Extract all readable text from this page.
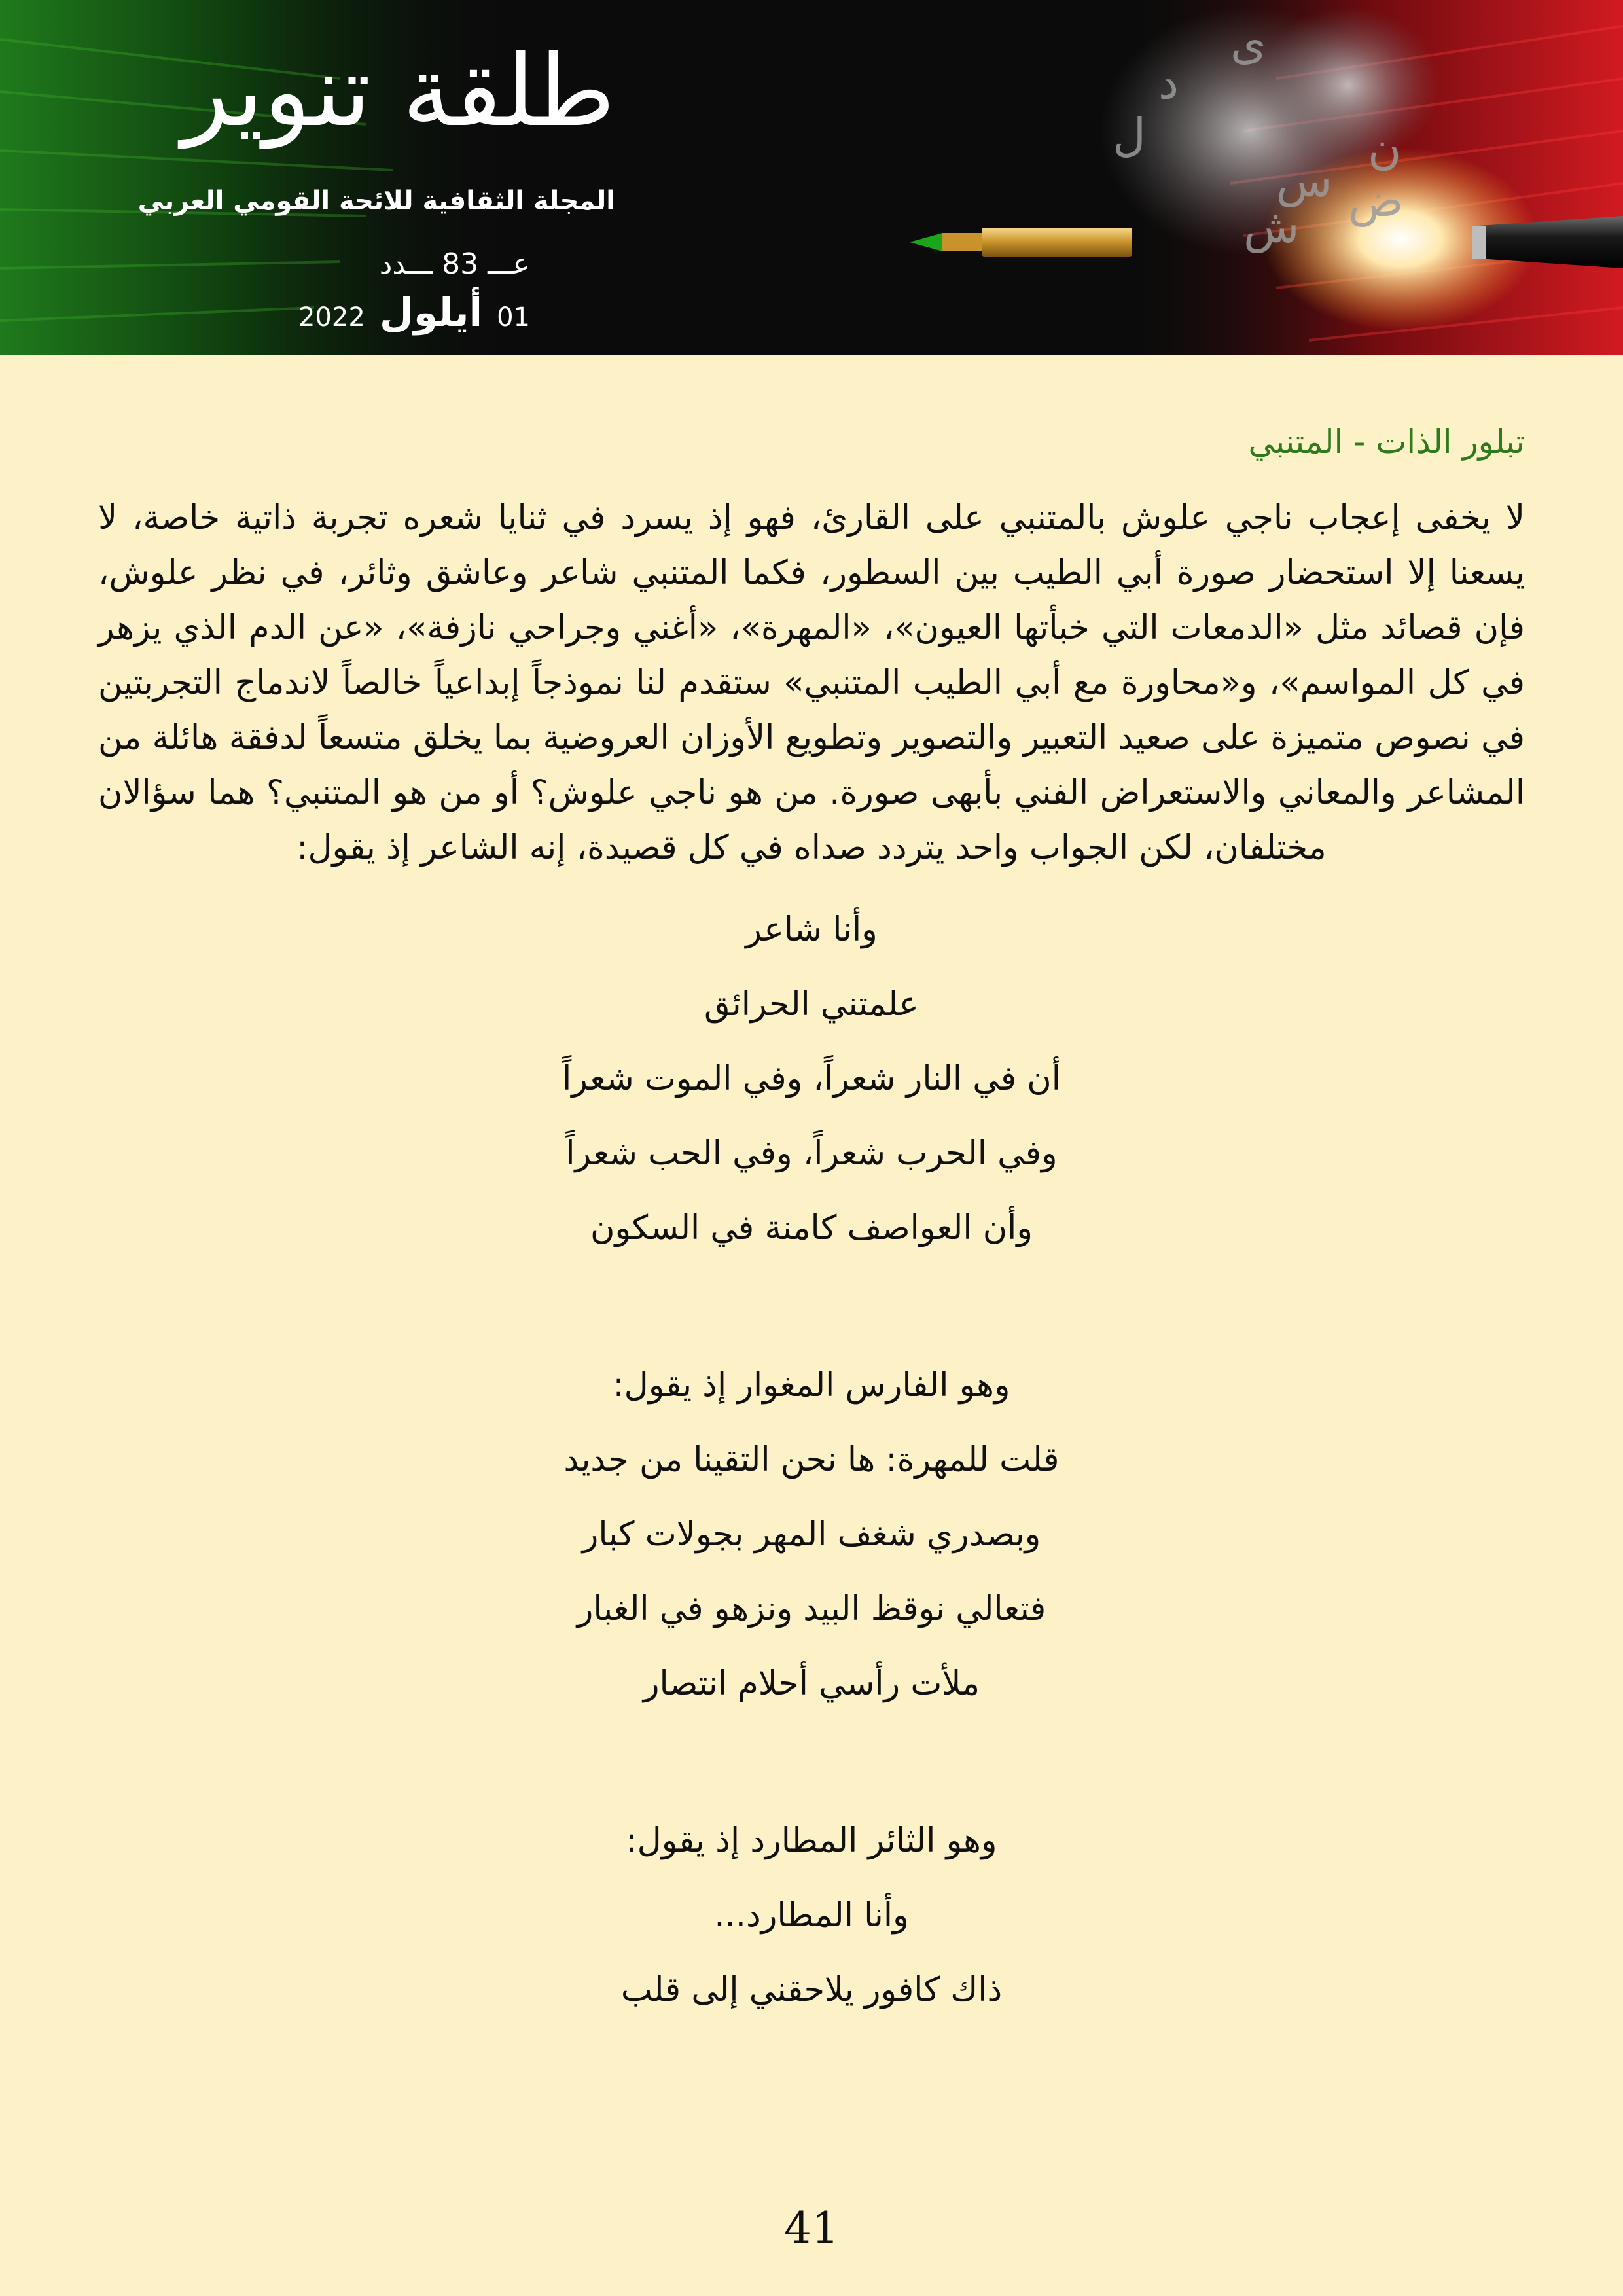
ى
د
ل
س
ش ض
ن
طلقة تنوير
المجلة الثقافية للائحة القومي العربي
عـــ 83 ـــدد
01
أيلول
2022
تبلور الذات - المتنبي

لا يخفى إعجاب ناجي علوش بالمتنبي على القارئ، فهو إذ يسرد في ثنايا شعره تجربة ذاتية خاصة، لا يسعنا إلا استحضار صورة أبي الطيب بين السطور، فكما المتنبي شاعر وعاشق وثائر، في نظر علوش، فإن قصائد مثل «الدمعات التي خبأتها العيون»، «المهرة»، «أغني وجراحي نازفة»، «عن الدم الذي يزهر في كل المواسم»، و«محاورة مع أبي الطيب المتنبي» ستقدم لنا نموذجاً إبداعياً خالصاً لاندماج التجربتين في نصوص متميزة على صعيد التعبير والتصوير وتطويع الأوزان العروضية بما يخلق متسعاً لدفقة هائلة من المشاعر والمعاني والاستعراض الفني بأبهى صورة. من هو ناجي علوش؟ أو من هو المتنبي؟ هما سؤالان مختلفان، لكن الجواب واحد يتردد صداه في كل قصيدة، إنه الشاعر إذ يقول:

وأنا شاعر
علمتني الحرائق
أن في النار شعراً، وفي الموت شعراً
وفي الحرب شعراً، وفي الحب شعراً
وأن العواصف كامنة في السكون
وهو الفارس المغوار إذ يقول:
قلت للمهرة: ها نحن التقينا من جديد
وبصدري شغف المهر بجولات كبار
فتعالي نوقظ البيد ونزهو في الغبار
ملأت رأسي أحلام انتصار
وهو الثائر المطارد إذ يقول:
وأنا المطارد...
ذاك كافور يلاحقني إلى قلب
41
